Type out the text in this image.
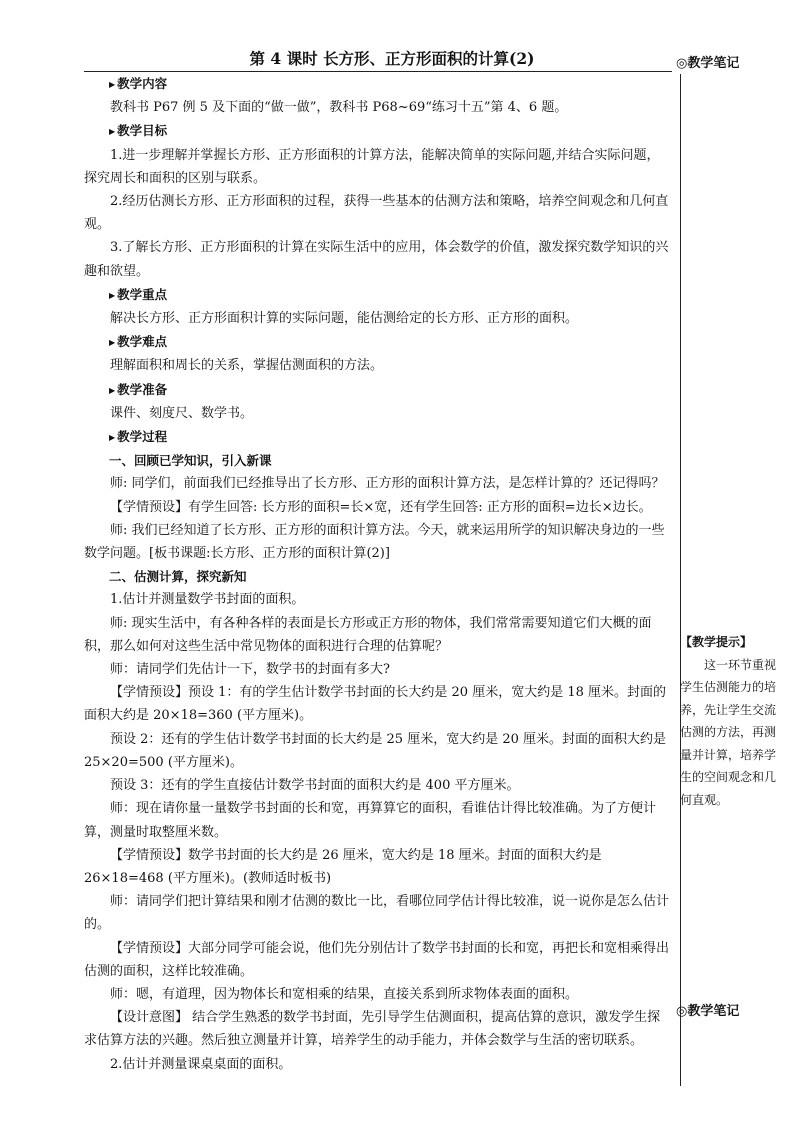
◎教学笔记
◎教学笔记
【教学提示】
这一环节重视学生估测能力的培养，先让学生交流估测的方法，再测量并计算，培养学生的空间观念和几何直观。
第 4 课时 长方形、正方形面积的计算(2)

▶ 教学内容

教科书 P67 例 5 及下面的“做一做”，教科书 P68~69“练习十五”第 4、6 题。

▶ 教学目标

1.进一步理解并掌握长方形、正方形面积的计算方法，能解决简单的实际问题,并结合实际问题，探究周长和面积的区别与联系。

2.经历估测长方形、正方形面积的过程，获得一些基本的估测方法和策略，培养空间观念和几何直观。

3.了解长方形、正方形面积的计算在实际生活中的应用，体会数学的价值，激发探究数学知识的兴趣和欲望。

▶ 教学重点

解决长方形、正方形面积计算的实际问题，能估测给定的长方形、正方形的面积。

▶ 教学难点

理解面积和周长的关系，掌握估测面积的方法。

▶ 教学准备

课件、刻度尺、数学书。

▶ 教学过程

一、回顾已学知识，引入新课

师: 同学们，前面我们已经推导出了长方形、正方形的面积计算方法，是怎样计算的？还记得吗？

【学情预设】有学生回答: 长方形的面积=长×宽，还有学生回答: 正方形的面积=边长×边长。

师: 我们已经知道了长方形、正方形的面积计算方法。今天，就来运用所学的知识解决身边的一些数学问题。[板书课题:长方形、正方形的面积计算(2)]

二、估测计算，探究新知

1.估计并测量数学书封面的面积。

师: 现实生活中，有各种各样的表面是长方形或正方形的物体，我们常常需要知道它们大概的面积，那么如何对这些生活中常见物体的面积进行合理的估算呢？

师：请同学们先估计一下，数学书的封面有多大?

【学情预设】预设 1：有的学生估计数学书封面的长大约是 20 厘米，宽大约是 18 厘米。封面的面积大约是 20×18=360 (平方厘米)。

预设 2：还有的学生估计数学书封面的长大约是 25 厘米，宽大约是 20 厘米。封面的面积大约是 25×20=500 (平方厘米)。

预设 3：还有的学生直接估计数学书封面的面积大约是 400 平方厘米。

师：现在请你量一量数学书封面的长和宽，再算算它的面积，看谁估计得比较准确。为了方便计算，测量时取整厘米数。

【学情预设】数学书封面的长大约是 26 厘米，宽大约是 18 厘米。封面的面积大约是 26×18=468 (平方厘米)。(教师适时板书)

师：请同学们把计算结果和刚才估测的数比一比，看哪位同学估计得比较准，说一说你是怎么估计的。

【学情预设】大部分同学可能会说，他们先分别估计了数学书封面的长和宽，再把长和宽相乘得出估测的面积，这样比较准确。

师：嗯，有道理，因为物体长和宽相乘的结果，直接关系到所求物体表面的面积。

【设计意图】 结合学生熟悉的数学书封面，先引导学生估测面积，提高估算的意识，激发学生探求估算方法的兴趣。然后独立测量并计算，培养学生的动手能力，并体会数学与生活的密切联系。

2.估计并测量课桌桌面的面积。
